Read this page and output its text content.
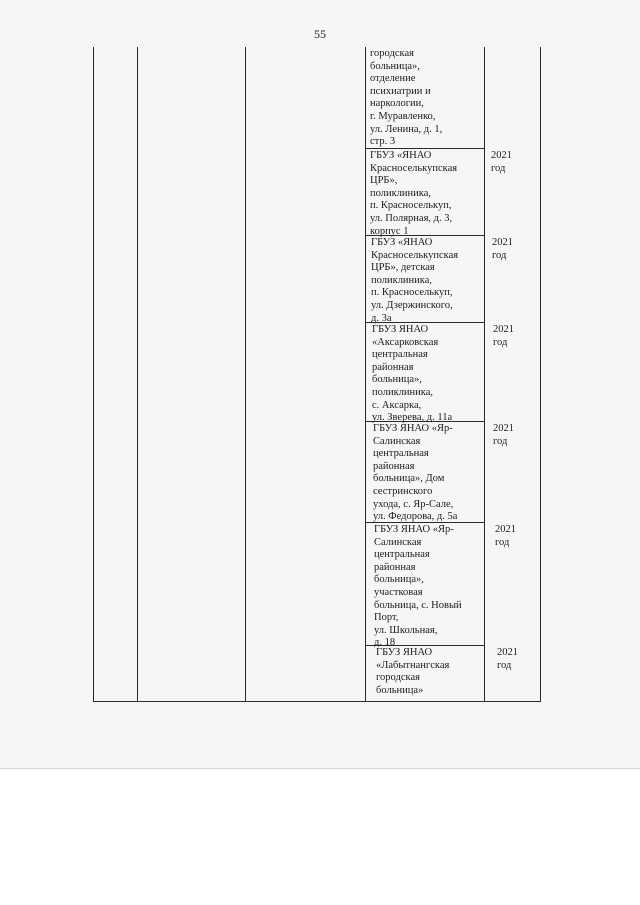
55

городская
больница»,
отделение
психиатрии и
наркологии,
г. Муравленко,
ул. Ленина, д. 1,
стр. 3

ГБУЗ «ЯНАО
Красноселькупская
ЦРБ»,
поликлиника,
п. Красноселькуп,
ул. Полярная, д. 3,
корпус 1

ГБУЗ «ЯНАО
Красноселькупская
ЦРБ», детская
поликлиника,
п. Красноселькуп,
ул. Дзержинского,
д. 3а

ГБУЗ ЯНАО
«Аксарковская
центральная
районная
больница»,
поликлиника,
с. Аксарка,
ул. Зверева, д. 11а

ГБУЗ ЯНАО «Яр-
Салинская
центральная
районная
больница», Дом
сестринского
ухода, с. Яр-Сале,
ул. Федорова, д. 5а

ГБУЗ ЯНАО «Яр-
Салинская
центральная
районная
больница»,
участковая
больница, с. Новый
Порт,
ул. Школьная,
д. 18

ГБУЗ ЯНАО
«Лабытнангская
городская
больница»

2021
год

2021
год

2021
год

2021
год

2021
год

2021
год
